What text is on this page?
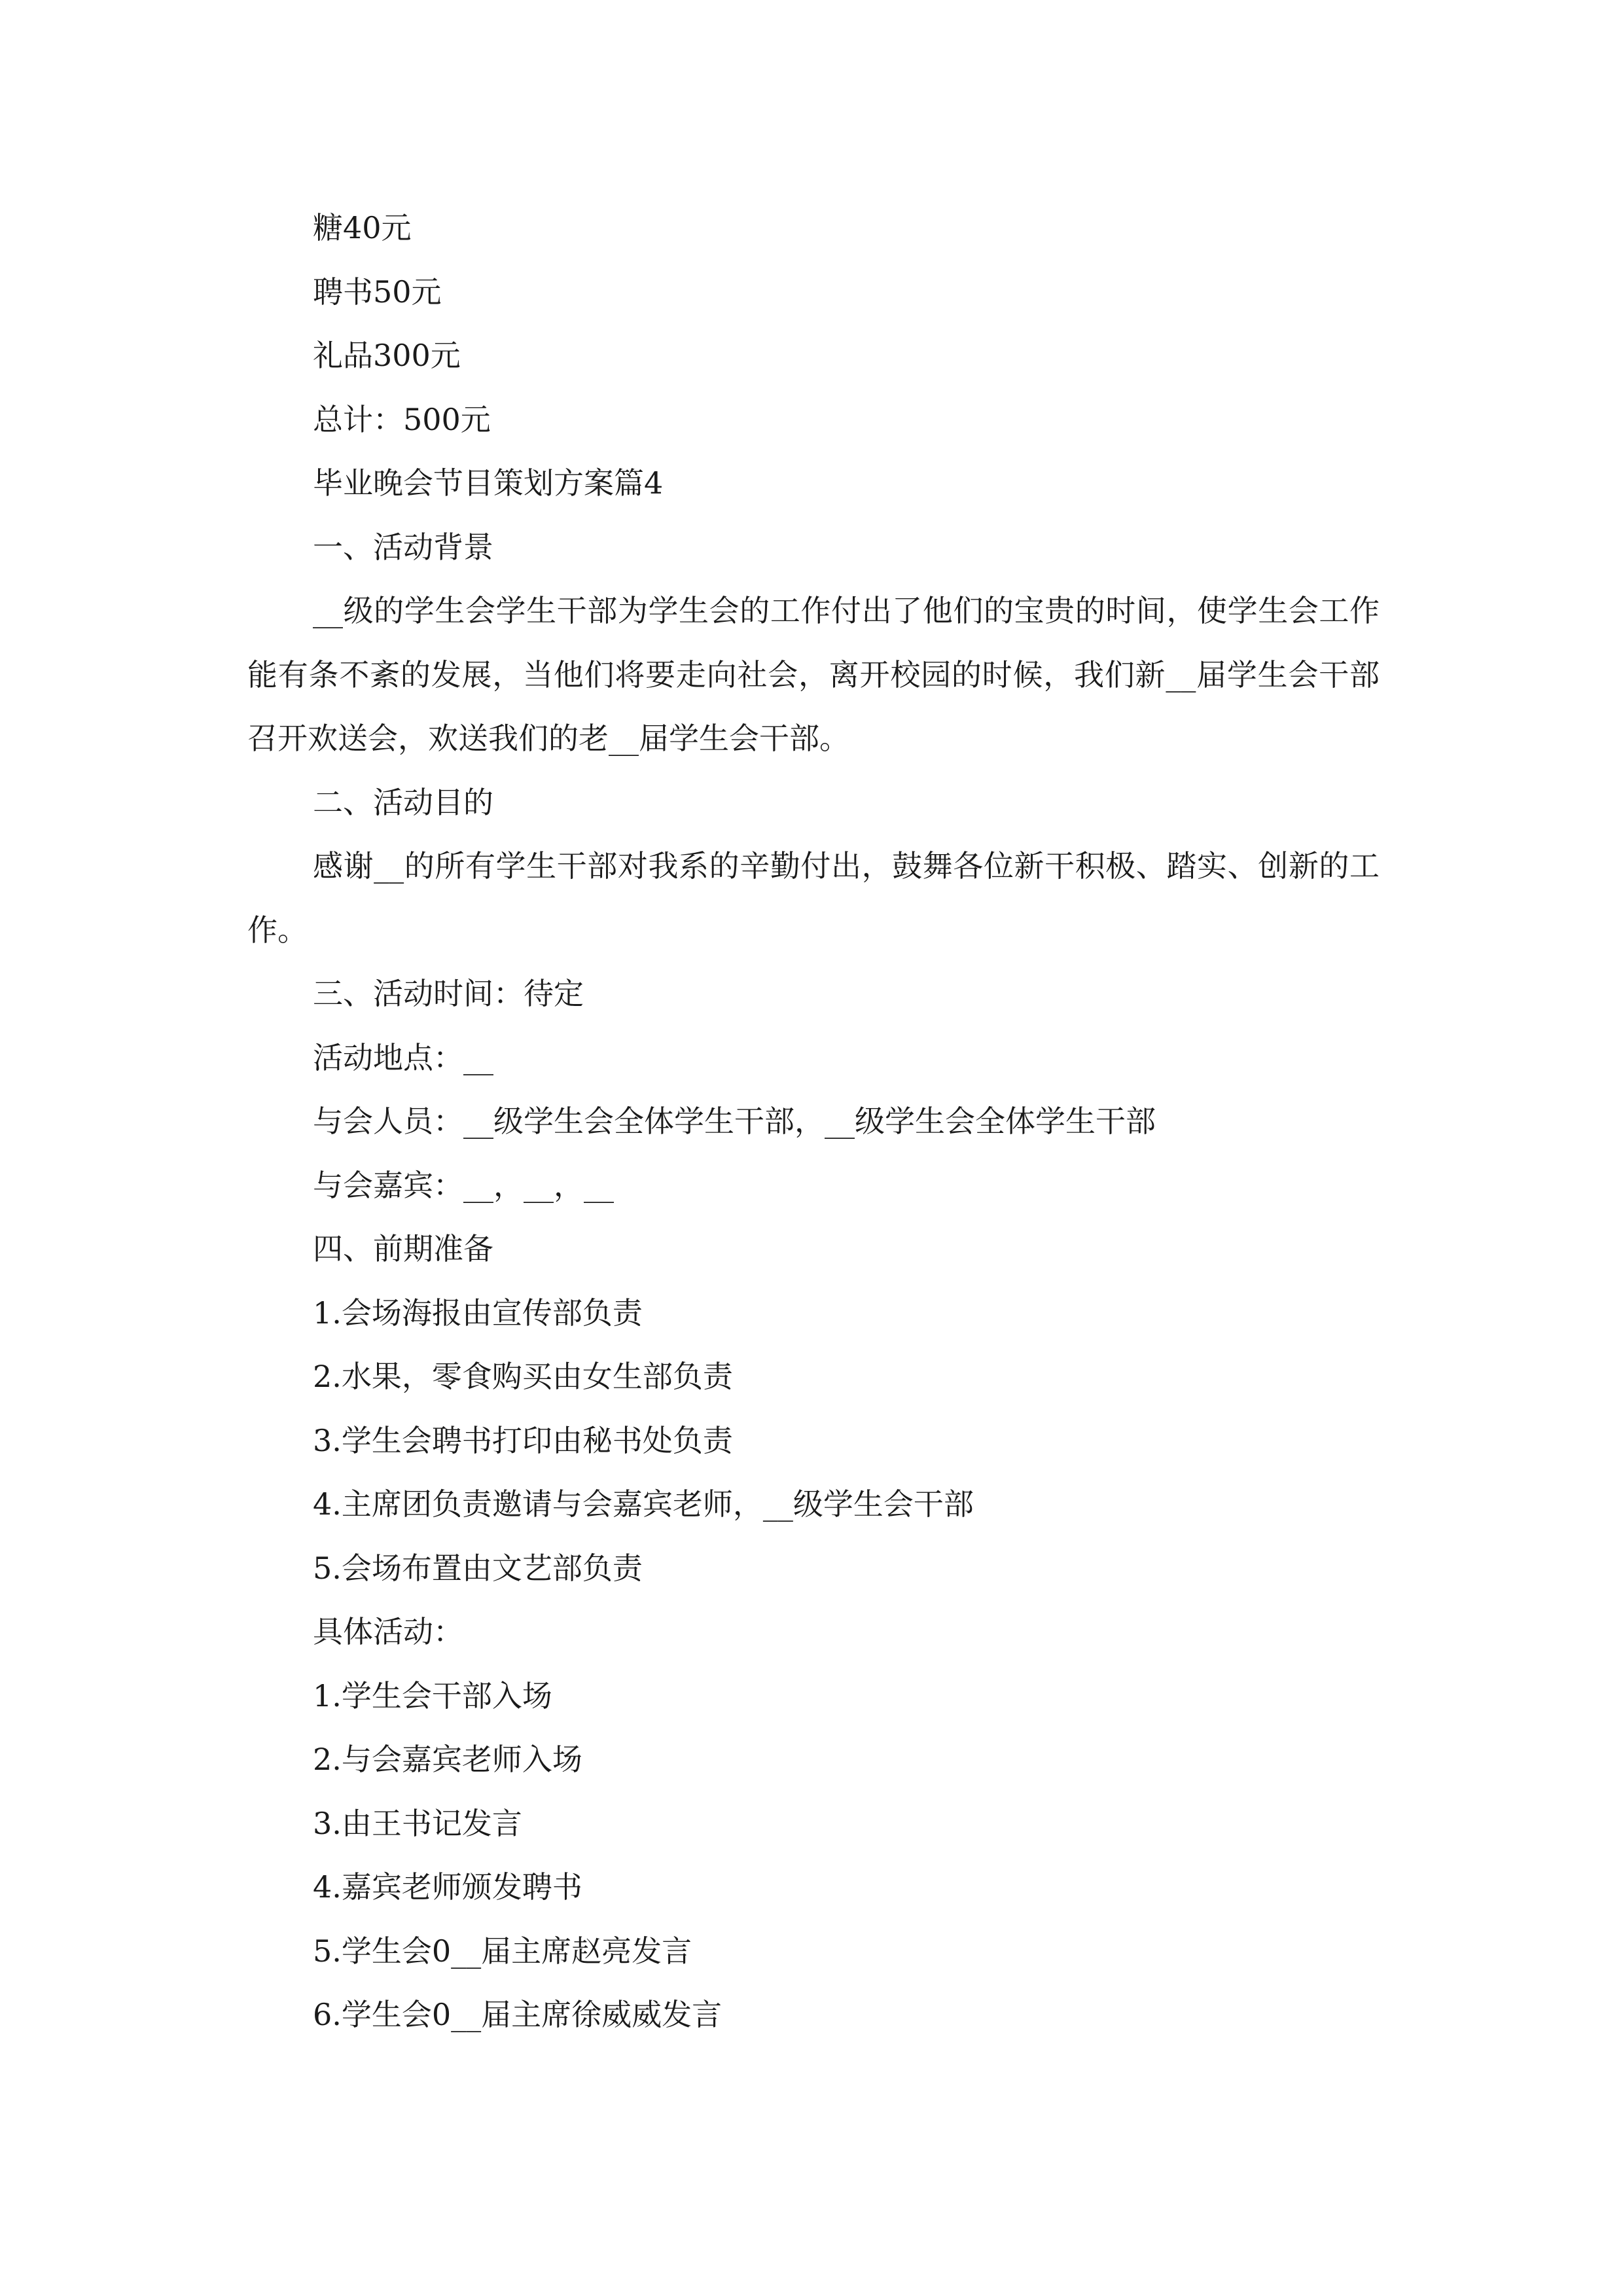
糖40元

聘书50元

礼品300元

总计：500元

毕业晚会节目策划方案篇4

一、活动背景

__级的学生会学生干部为学生会的工作付出了他们的宝贵的时间，使学生会工作能有条不紊的发展，当他们将要走向社会，离开校园的时候，我们新__届学生会干部召开欢送会，欢送我们的老__届学生会干部。

二、活动目的

感谢__的所有学生干部对我系的辛勤付出，鼓舞各位新干积极、踏实、创新的工作。

三、活动时间：待定

活动地点：__

与会人员：__级学生会全体学生干部，__级学生会全体学生干部

与会嘉宾：__，__，__

四、前期准备

1.会场海报由宣传部负责

2.水果，零食购买由女生部负责

3.学生会聘书打印由秘书处负责

4.主席团负责邀请与会嘉宾老师，__级学生会干部

5.会场布置由文艺部负责

具体活动：

1.学生会干部入场

2.与会嘉宾老师入场

3.由王书记发言

4.嘉宾老师颁发聘书

5.学生会0__届主席赵亮发言

6.学生会0__届主席徐威威发言
